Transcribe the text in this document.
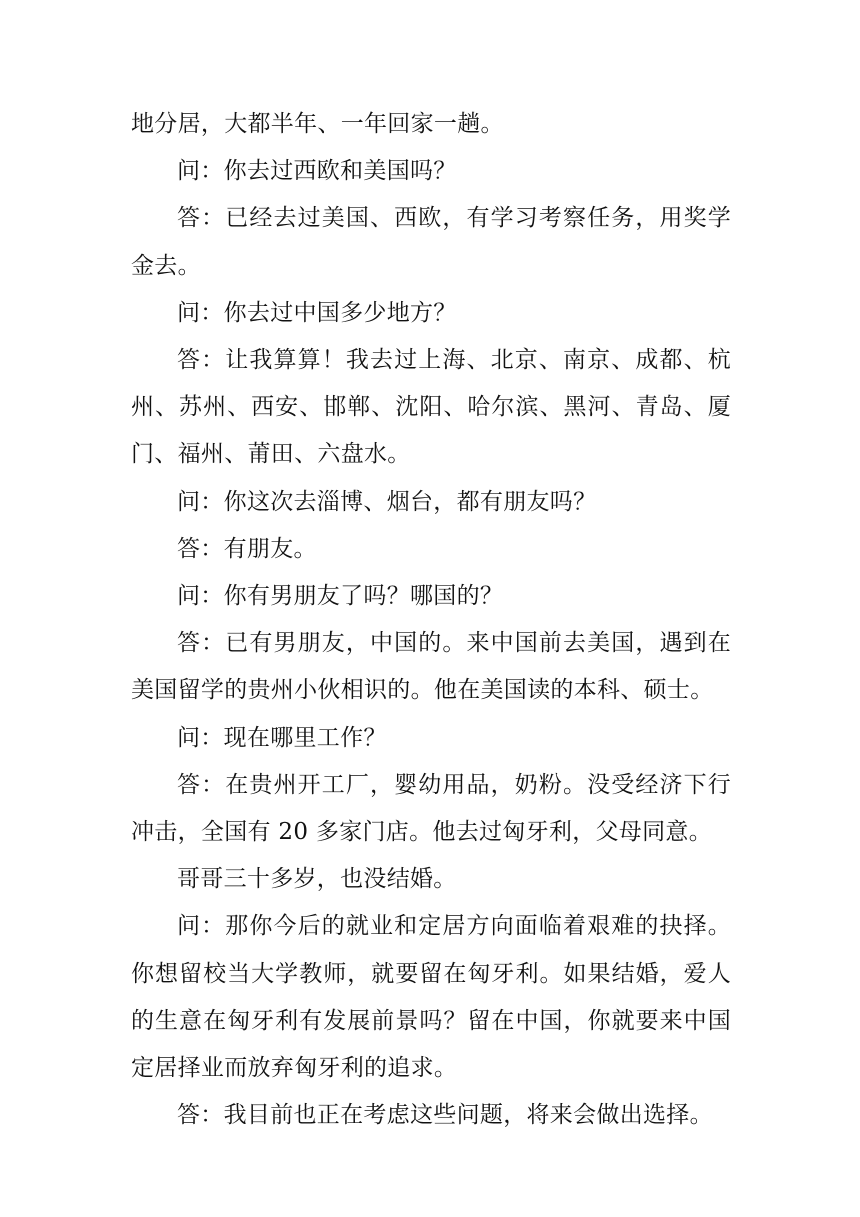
地分居，大都半年、一年回家一趟。

问：你去过西欧和美国吗？

答：已经去过美国、西欧，有学习考察任务，用奖学金去。

问：你去过中国多少地方？

答：让我算算！我去过上海、北京、南京、成都、杭州、苏州、西安、邯郸、沈阳、哈尔滨、黑河、青岛、厦门、福州、莆田、六盘水。

问：你这次去淄博、烟台，都有朋友吗？

答：有朋友。

问：你有男朋友了吗？哪国的？

答：已有男朋友，中国的。来中国前去美国，遇到在美国留学的贵州小伙相识的。他在美国读的本科、硕士。

问：现在哪里工作？

答：在贵州开工厂，婴幼用品，奶粉。没受经济下行冲击，全国有 20 多家门店。他去过匈牙利，父母同意。

哥哥三十多岁，也没结婚。

问：那你今后的就业和定居方向面临着艰难的抉择。你想留校当大学教师，就要留在匈牙利。如果结婚，爱人的生意在匈牙利有发展前景吗？留在中国，你就要来中国定居择业而放弃匈牙利的追求。

答：我目前也正在考虑这些问题，将来会做出选择。
